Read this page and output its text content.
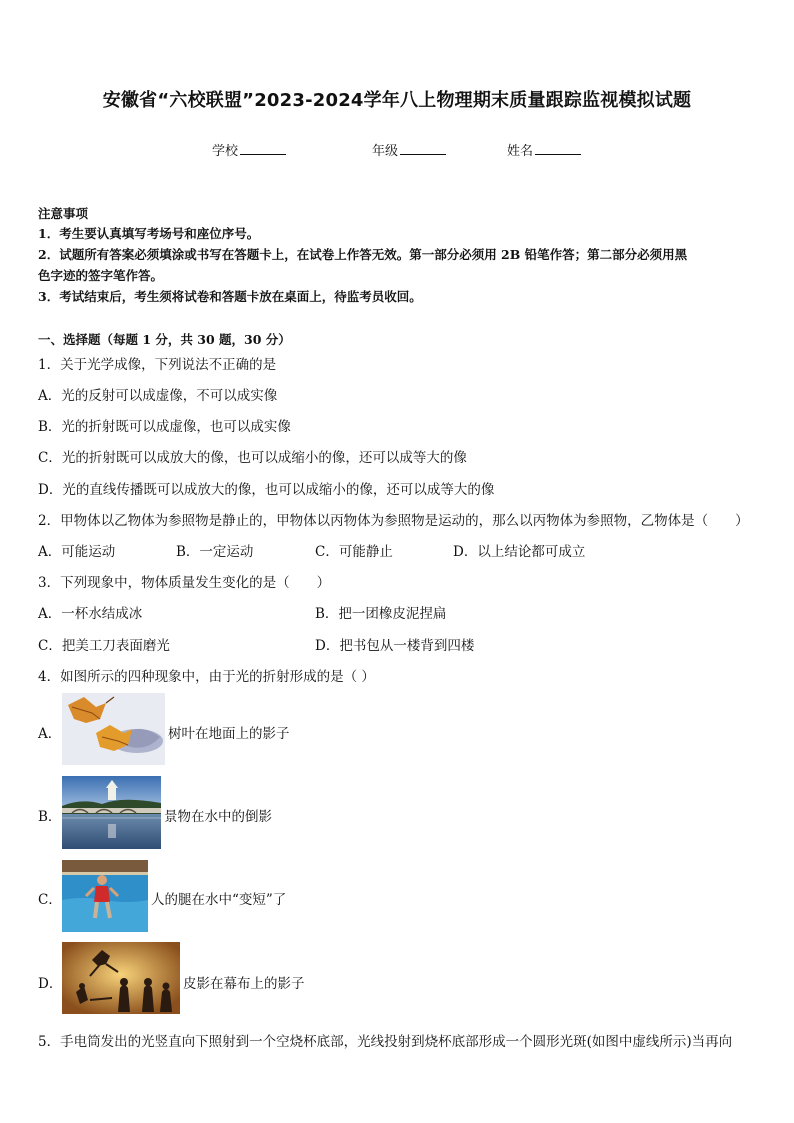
安徽省“六校联盟”2023-2024学年八上物理期末质量跟踪监视模拟试题
学校	年级	姓名
注意事项
1．考生要认真填写考场号和座位序号。
2．试题所有答案必须填涂或书写在答题卡上，在试卷上作答无效。第一部分必须用 2B 铅笔作答；第二部分必须用黑
色字迹的签字笔作答。
3．考试结束后，考生须将试卷和答题卡放在桌面上，待监考员收回。
一、选择题（每题 1 分，共 30 题，30 分）
1．关于光学成像，下列说法不正确的是
A．光的反射可以成虚像，不可以成实像
B．光的折射既可以成虚像，也可以成实像
C．光的折射既可以成放大的像，也可以成缩小的像，还可以成等大的像
D．光的直线传播既可以成放大的像，也可以成缩小的像，还可以成等大的像
2．甲物体以乙物体为参照物是静止的，甲物体以丙物体为参照物是运动的，那么以丙物体为参照物，乙物体是（　　）
A．可能运动	B．一定运动	C．可能静止	D．以上结论都可成立
3．下列现象中，物体质量发生变化的是（　　）
A．一杯水结成冰	B．把一团橡皮泥捏扁
C．把美工刀表面磨光	D．把书包从一楼背到四楼
4．如图所示的四种现象中，由于光的折射形成的是（ ）
A．	树叶在地面上的影子
B．	景物在水中的倒影
C．	人的腿在水中“变短”了
D．	皮影在幕布上的影子
5．手电筒发出的光竖直向下照射到一个空烧杯底部，光线投射到烧杯底部形成一个圆形光斑(如图中虚线所示)当再向
